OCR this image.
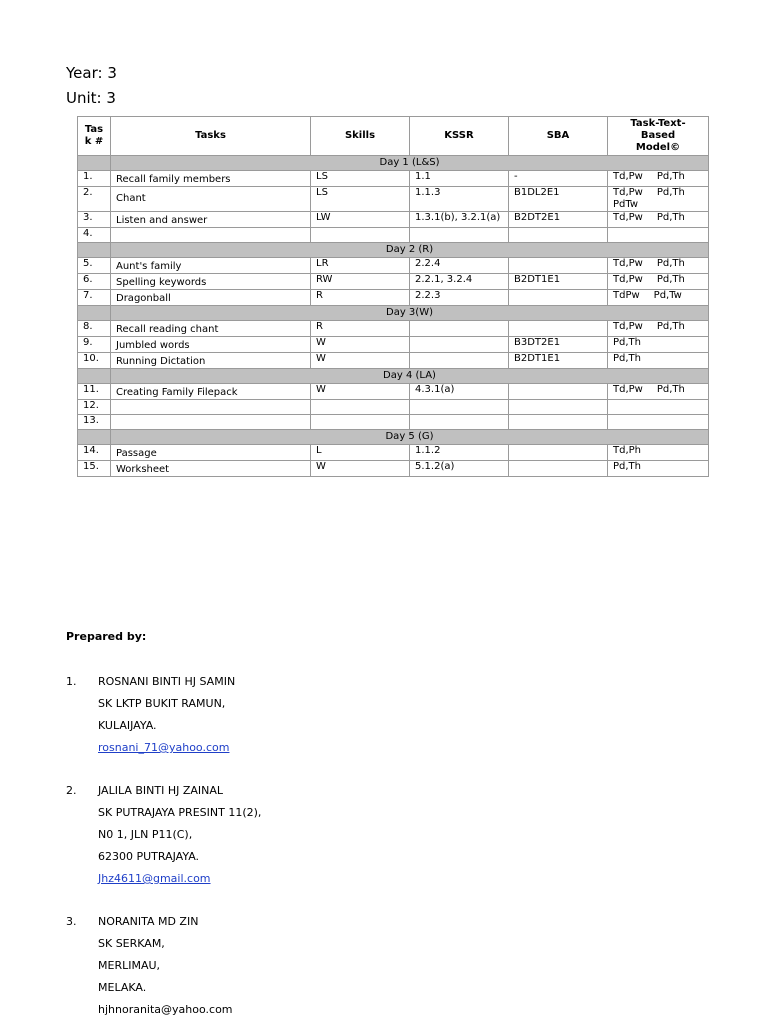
Year: 3
Unit: 3
Tas
k #	Tasks	Skills	KSSR	SBA	Task-Text-
Based
Model©
	Day 1 (L&S)				
1.	Recall family members	LS	1.1	-	Td,Pw Pd,Th

2.	Chant	LS	1.1.3	B1DL2E1	Td,Pw Pd,Th
PdTw

3.	Listen and answer	LW	1.3.1(b), 3.2.1(a)	B2DT2E1	Td,Pw Pd,Th

4.					

	Day 2 (R)				
5.	Aunt's family	LR	2.2.4		Td,Pw Pd,Th

6.	Spelling keywords	RW	2.2.1, 3.2.4	B2DT1E1	Td,Pw Pd,Th

7.	Dragonball	R	2.2.3		TdPw Pd,Tw

	Day 3(W)				
8.	Recall reading chant	R			Td,Pw Pd,Th

9.	Jumbled words	W		B3DT2E1	Pd,Th

10.	Running Dictation	W		B2DT1E1	Pd,Th

	Day 4 (LA)				
11.	Creating Family Filepack	W	4.3.1(a)		Td,Pw Pd,Th

12.					

13.					

	Day 5 (G)				
14.	Passage	L	1.1.2		Td,Ph

15.	Worksheet	W	5.1.2(a)		Pd,Th
Prepared by:
1. ROSNANI BINTI HJ SAMIN
SK LKTP BUKIT RAMUN,
KULAIJAYA.
rosnani_71@yahoo.com
2. JALILA BINTI HJ ZAINAL
SK PUTRAJAYA PRESINT 11(2),
N0 1, JLN P11(C),
62300 PUTRAJAYA.
Jhz4611@gmail.com
3. NORANITA MD ZIN
SK SERKAM,
MERLIMAU,
MELAKA.
hjhnoranita@yahoo.com
